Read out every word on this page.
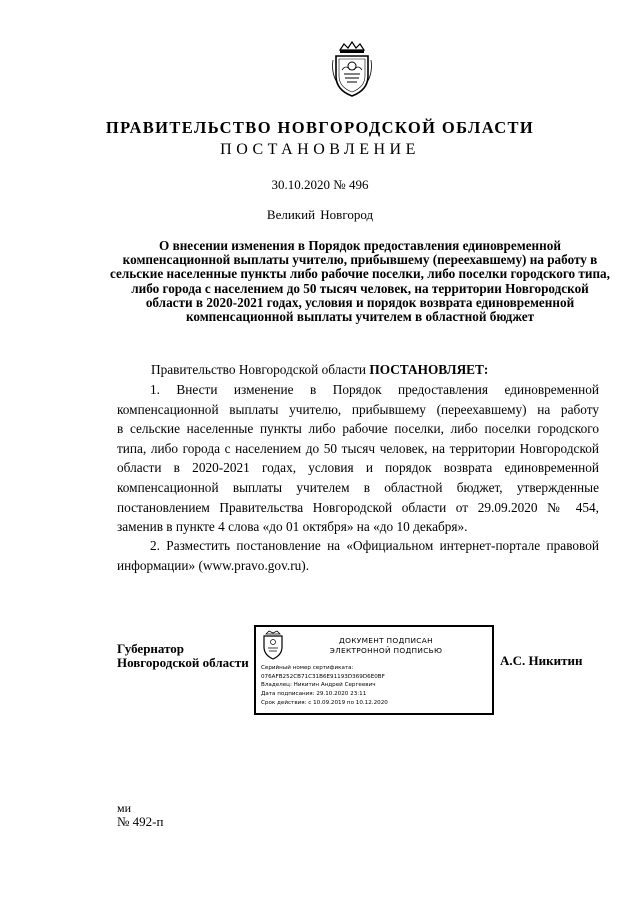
ПРАВИТЕЛЬСТВО НОВГОРОДСКОЙ ОБЛАСТИ
ПОСТАНОВЛЕНИЕ
30.10.2020 № 496
Великий Новгород
О внесении изменения в Порядок предоставления единовременной компенсационной выплаты учителю, прибывшему (переехавшему) на работу в сельские населенные пункты либо рабочие поселки, либо поселки городского типа, либо города с населением до 50 тысяч человек, на территории Новгородской области в 2020-2021 годах, условия и порядок возврата единовременной компенсационной выплаты учителем в областной бюджет
Правительство Новгородской области ПОСТАНОВЛЯЕТ:
1. Внести изменение в Порядок предоставления единовременной
компенсационной выплаты учителю, прибывшему (переехавшему) на работу
в сельские населенные пункты либо рабочие поселки, либо поселки городского
типа, либо города с населением до 50 тысяч человек, на территории Новгородской
области в 2020-2021 годах, условия и порядок возврата единовременной
компенсационной выплаты учителем в областной бюджет, утвержденные
постановлением Правительства Новгородской области от 29.09.2020 № 454,
заменив в пункте 4 слова «до 01 октября» на «до 10 декабря».
2. Разместить постановление на «Официальном интернет-портале правовой
информации» (www.pravo.gov.ru).
Губернатор
Новгородской области
ДОКУМЕНТ ПОДПИСАН
ЭЛЕКТРОННОЙ ПОДПИСЬЮ
Серийный номер сертификата:
076AFB252CB71C31B6E91193D369D6E0BF
Владелец: Никитин Андрей Сергеевич
Дата подписания: 29.10.2020 23:11
Срок действия: с 10.09.2019 по 10.12.2020
А.С. Никитин
ми
№ 492-п
